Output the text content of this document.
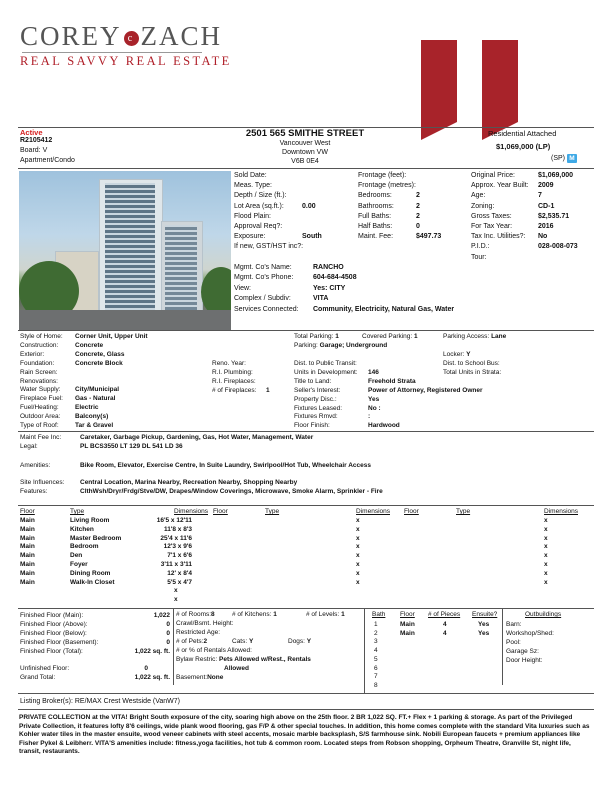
COREY c ZACH
REAL SAVVY REAL ESTATE
Active
R2105412
Board: V
Apartment/Condo
2501 565 SMITHE STREET
Vancouver West
Downtown VW
V6B 0E4
Residential Attached
$1,069,000 (LP)
(SP) M
Sold Date:
Meas. Type:
Depth / Size (ft.):
Lot Area (sq.ft.):	0.00
Flood Plain:
Approval Req?:
Exposure:	South
If new, GST/HST inc?:
Frontage (feet):
Frontage (metres):
Bedrooms:	2
Bathrooms:	2
Full Baths:	2
Half Baths:	0
Maint. Fee:	$497.73
Original Price:	$1,069,000
Approx. Year Built: 2009
Age:	7
Zoning:	CD-1
Gross Taxes:	$2,535.71
For Tax Year:	2016
Tax Inc. Utilities?: No
P.I.D.:	028-008-073
Tour:
Mgmt. Co's Name:	RANCHO
Mgmt. Co's Phone:	604-684-4508
View:	Yes: CITY
Complex / Subdiv:	VITA
Services Connected: Community, Electricity, Natural Gas, Water
Style of Home: Corner Unit, Upper Unit
Construction:	Concrete
Exterior:	Concrete, Glass
Foundation:	Concrete Block
Rain Screen:
Renovations:
Water Supply: City/Municipal
Fireplace Fuel: Gas - Natural
Fuel/Heating:	Electric
Outdoor Area: Balcony(s)
Type of Roof:	Tar & Gravel
Reno. Year:
R.I. Plumbing:
R.I. Fireplaces:
# of Fireplaces: 1
Total Parking: 1	Covered Parking: 1	Parking Access: Lane
Parking: Garage; Underground
Locker: Y
Dist. to Public Transit:
Units in Development: 146
Title to Land:	Freehold Strata
Seller's Interest:	Power of Attorney, Registered Owner
Property Disc.:	Yes
Fixtures Leased:	No :
Fixtures Rmvd:	:
Floor Finish:	Hardwood
Dist. to School Bus:
Total Units in Strata:
Maint Fee Inc:	Caretaker, Garbage Pickup, Gardening, Gas, Hot Water, Management, Water
Legal:	PL BCS3550 LT 129 DL 541 LD 36
Amenities:	Bike Room, Elevator, Exercise Centre, In Suite Laundry, Swirlpool/Hot Tub, Wheelchair Access
Site Influences: Central Location, Marina Nearby, Recreation Nearby, Shopping Nearby
Features:	ClthWsh/Dryr/Frdg/Stve/DW, Drapes/Window Coverings, Microwave, Smoke Alarm, Sprinkler - Fire
Floor	Type	Dimensions
Main	Living Room	16'5 x 12'11
Main	Kitchen	11'8 x 8'3
Main	Master Bedroom	25'4 x 11'6
Main	Bedroom	12'3 x 9'6
Main	Den	7'1 x 6'6
Main	Foyer	3'11 x 3'11
Main	Dining Room	12' x 8'4
Main	Walk-In Closet	5'5 x 4'7
Floor	Type	Dimensions
x
x
x
x
x
x
x
x
Floor	Type	Dimensions
x
x
x
x
x
x
x
x
x
x
Finished Floor (Main):	1,022
Finished Floor (Above):	0
Finished Floor (Below):	0
Finished Floor (Basement):	0
Finished Floor (Total):	1,022 sq. ft.
Unfinished Floor:	0
Grand Total:	1,022 sq. ft.
# of Rooms:8	# of Kitchens: 1	# of Levels: 1
Crawl/Bsmt. Height:
Restricted Age:
# of Pets:2	Cats: Y	Dogs: Y
# or % of Rentals Allowed:
Bylaw Restric: Pets Allowed w/Rest., Rentals
Allowed
Basement:None
Bath Floor # of Pieces Ensuite?
1	Main	4	Yes
2	Main	4	Yes
3
4
5
6
7
8
Outbuildings
Barn:
Workshop/Shed:
Pool:
Garage Sz:
Door Height:
Listing Broker(s): RE/MAX Crest Westside (VanW7)
PRIVATE COLLECTION at the VITA! Bright South exposure of the city, soaring high above on the 25th floor. 2 BR 1,022 SQ. FT.+ Flex + 1 parking & storage. As part of the Privileged Private Collection, it features lofty 8'6 ceilings, wide plank wood flooring, gas F/P & other special touches. In addition, this home comes complete with the standard Vita luxuries such as Kohler water tiles in the master ensuite, wood veneer cabinets with steel accents, mosaic marble backsplash, S/S farmhouse sink. Nobili European faucets + premium appliances like Fisher Pykel & Leibherr. VITA'S amenities include: fitness,yoga facilities, hot tub & common room. Located steps from Robson shopping, Orpheum Theatre, Granville St, night life, transit, restaurants.
